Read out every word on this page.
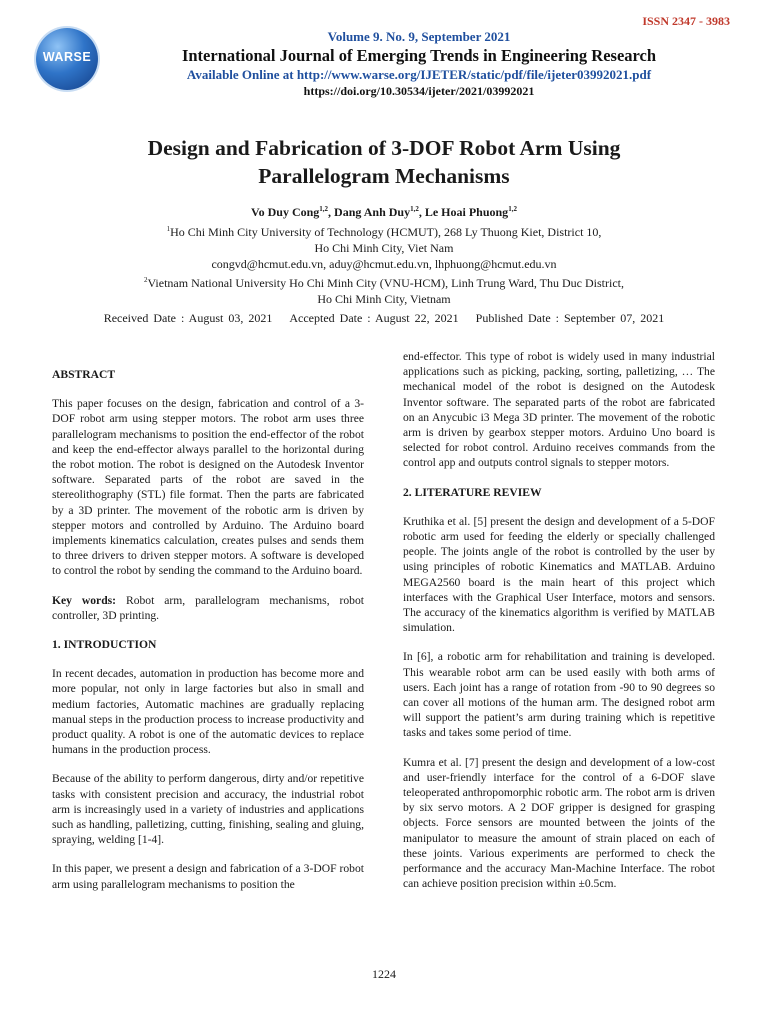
ISSN 2347 - 3983
WARSE
Volume 9. No. 9, September 2021
International Journal of Emerging Trends in Engineering Research
Available Online at http://www.warse.org/IJETER/static/pdf/file/ijeter03992021.pdf
https://doi.org/10.30534/ijeter/2021/03992021
Design and Fabrication of 3-DOF Robot Arm Using
Parallelogram Mechanisms
Vo Duy Cong$^{1,2}$, Dang Anh Duy$^{1,2}$, Le Hoai Phuong$^{1,2}$
$^1$Ho Chi Minh City University of Technology (HCMUT), 268 Ly Thuong Kiet, District 10,
Ho Chi Minh City, Viet Nam
congvd@hcmut.edu.vn, aduy@hcmut.edu.vn, lhphuong@hcmut.edu.vn
$^2$Vietnam National University Ho Chi Minh City (VNU-HCM), Linh Trung Ward, Thu Duc District,
Ho Chi Minh City, Vietnam
Received Date : August 03, 2021 Accepted Date : August 22, 2021 Published Date : September 07, 2021
ABSTRACT

This paper focuses on the design, fabrication and control of a 3-DOF robot arm using stepper motors. The robot arm uses three parallelogram mechanisms to position the end-effector of the robot and keep the end-effector always parallel to the horizontal during the robot motion. The robot is designed on the Autodesk Inventor software. Separated parts of the robot are saved in the stereolithography (STL) file format. Then the parts are fabricated by a 3D printer. The movement of the robotic arm is driven by stepper motors and controlled by Arduino. The Arduino board implements kinematics calculation, creates pulses and sends them to three drivers to driven stepper motors. A software is developed to control the robot by sending the command to the Arduino board.

Key words: Robot arm, parallelogram mechanisms, robot controller, 3D printing.

1. INTRODUCTION

In recent decades, automation in production has become more and more popular, not only in large factories but also in small and medium factories, Automatic machines are gradually replacing manual steps in the production process to increase productivity and product quality. A robot is one of the automatic devices to replace humans in the production process.

Because of the ability to perform dangerous, dirty and/or repetitive tasks with consistent precision and accuracy, the industrial robot arm is increasingly used in a variety of industries and applications such as handling, palletizing, cutting, finishing, sealing and gluing, spraying, welding [1-4].

In this paper, we present a design and fabrication of a 3-DOF robot arm using parallelogram mechanisms to position the

end-effector. This type of robot is widely used in many industrial applications such as picking, packing, sorting, palletizing, … The mechanical model of the robot is designed on the Autodesk Inventor software. The separated parts of the robot are fabricated on an Anycubic i3 Mega 3D printer. The movement of the robotic arm is driven by gearbox stepper motors. Arduino Uno board is selected for robot control. Arduino receives commands from the control app and outputs control signals to stepper motors.

2. LITERATURE REVIEW

Kruthika et al. [5] present the design and development of a 5-DOF robotic arm used for feeding the elderly or specially challenged people. The joints angle of the robot is controlled by the user by using principles of robotic Kinematics and MATLAB. Arduino MEGA2560 board is the main heart of this project which interfaces with the Graphical User Interface, motors and sensors. The accuracy of the kinematics algorithm is verified by MATLAB simulation.

In [6], a robotic arm for rehabilitation and training is developed. This wearable robot arm can be used easily with both arms of users. Each joint has a range of rotation from -90 to 90 degrees so can cover all motions of the human arm. The designed robot arm will support the patient’s arm during training which is repetitive tasks and takes some period of time.

Kumra et al. [7] present the design and development of a low-cost and user-friendly interface for the control of a 6-DOF slave teleoperated anthropomorphic robotic arm. The robot arm is driven by six servo motors. A 2 DOF gripper is designed for grasping objects. Force sensors are mounted between the joints of the manipulator to measure the amount of strain placed on each of these joints. Various experiments are performed to check the performance and the accuracy Man-Machine Interface. The robot can achieve position precision within ±0.5cm.

1224
